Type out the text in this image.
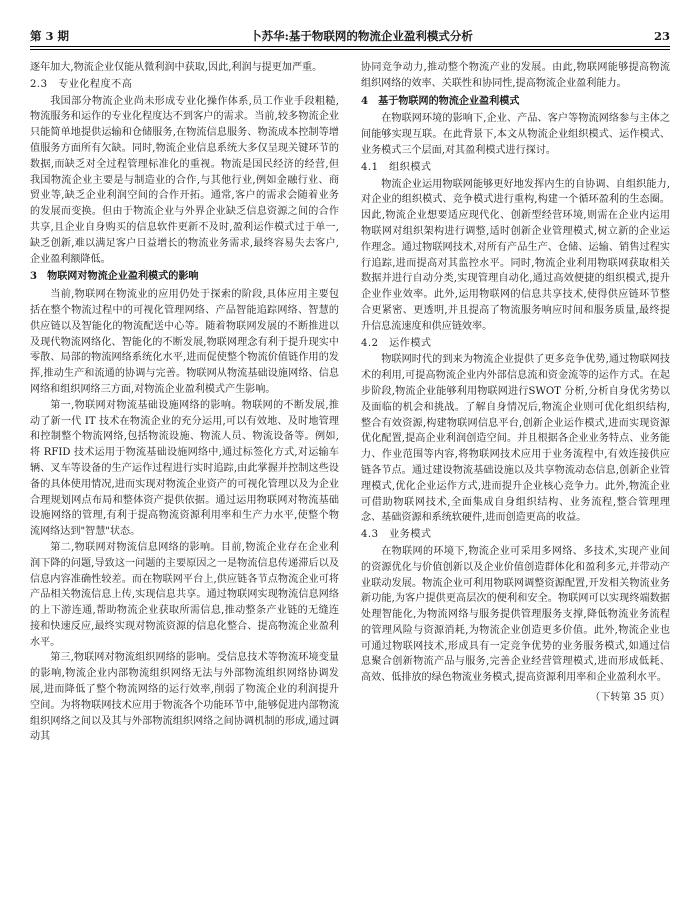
第 3 期	卜苏华:基于物联网的物流企业盈利模式分析	23

逐年加大,物流企业仅能从微利润中获取,因此,利润与提更加严重。

2.3　专业化程度不高

我国部分物流企业尚未形成专业化操作体系,员工作业手段粗糙,物流服务和运作的专业化程度达不到客户的需求。当前,较多物流企业只能简单地提供运输和仓储服务,在物流信息服务、物流成本控制等增值服务方面所有欠缺。同时,物流企业信息系统大多仅呈现关键环节的数据,而缺乏对全过程管理标准化的重视。物流是国民经济的经营,但我国物流企业主要是与制造业的合作,与其他行业,例如金融行业、商贸业等,缺乏企业利润空间的合作开拓。通常,客户的需求会随着业务的发展而变换。但由于物流企业与外界企业缺乏信息资源之间的合作共享,且企业自身购买的信息软件更新不及时,盈利运作模式过于单一,缺乏创新,难以满足客户日益增长的物流业务需求,最终容易失去客户,企业盈利额降低。

3　物联网对物流企业盈利模式的影响

当前,物联网在物流业的应用仍处于探索的阶段,具体应用主要包括在整个物流过程中的可视化管理网络、产品智能追踪网络、智慧的供应链以及智能化的物流配送中心等。随着物联网发展的不断推进以及现代物流网络化、智能化的不断发展,物联网理念有利于提升现实中零散、局部的物流网络系统化水平,进而促使整个物流价值链作用的发挥,推动生产和流通的协调与完善。物联网从物流基础设施网络、信息网络和组织网络三方面,对物流企业盈利模式产生影响。

第一,物联网对物流基础设施网络的影响。物联网的不断发展,推动了新一代 IT 技术在物流企业的充分运用,可以有效地、及时地管理和控制整个物流网络,包括物流设施、物流人员、物流设备等。例如,将 RFID 技术运用于物流基础设施网络中,通过标签化方式,对运输车辆、叉车等设备的生产运作过程进行实时追踪,由此掌握并控制这些设备的具体使用情况,进而实现对物流企业资产的可视化管理以及为企业合理规划网点布局和整体资产提供依据。通过运用物联网对物流基础设施网络的管理,有利于提高物流资源利用率和生产力水平,使整个物流网络达到"智慧"状态。

第二,物联网对物流信息网络的影响。目前,物流企业存在企业利润下降的问题,导致这一问题的主要原因之一是物流信息传递滞后以及信息内容准确性较差。而在物联网平台上,供应链各节点物流企业可将产品相关物流信息上传,实现信息共享。通过物联网实现物流信息网络的上下游连通,帮助物流企业获取所需信息,推动整条产业链的无缝连接和快速反应,最终实现对物流资源的信息化整合、提高物流企业盈利水平。

第三,物联网对物流组织网络的影响。受信息技术等物流环境变量的影响,物流企业内部物流组织网络无法与外部物流组织网络协调发展,进而降低了整个物流网络的运行效率,削弱了物流企业的利润提升空间。为将物联网技术应用于物流各个功能环节中,能够促进内部物流组织网络之间以及其与外部物流组织网络之间协调机制的形成,通过调动其

协同竞争动力,推动整个物流产业的发展。由此,物联网能够提高物流组织网络的效率、关联性和协同性,提高物流企业盈利能力。

4　基于物联网的物流企业盈利模式

在物联网环境的影响下,企业、产品、客户等物流网络参与主体之间能够实现互联。在此背景下,本文从物流企业组织模式、运作模式、业务模式三个层面,对其盈利模式进行探讨。

4.1　组织模式

物流企业运用物联网能够更好地发挥内生的自协调、自组织能力,对企业的组织模式、竞争模式进行重构,构建一个循环盈利的生态圈。因此,物流企业想要适应现代化、创新型经营环境,则需在企业内运用物联网对组织架构进行调整,适时创新企业管理模式,树立新的企业运作理念。通过物联网技术,对所有产品生产、仓储、运输、销售过程实行追踪,进而提高对其监控水平。同时,物流企业利用物联网获取相关数据并进行自动分类,实现管理自动化,通过高效便捷的组织模式,提升企业作业效率。此外,运用物联网的信息共享技术,使得供应链环节整合更紧密、更透明,并且提高了物流服务响应时间和服务质量,最终提升信息流速度和供应链效率。

4.2　运作模式

物联网时代的到来为物流企业提供了更多竞争优势,通过物联网技术的利用,可提高物流企业内外部信息流和资金流等的运作方式。在起步阶段,物流企业能够利用物联网进行SWOT 分析,分析自身优劣势以及面临的机会和挑战。了解自身情况后,物流企业则可优化组织结构,整合有效资源,构建物联网信息平台,创新企业运作模式,进而实现资源优化配置,提高企业利润创造空间。并且根据各企业业务特点、业务能力、作业范围等内容,将物联网技术应用于业务流程中,有效连接供应链各节点。通过建设物流基础设施以及共享物流动态信息,创新企业管理模式,优化企业运作方式,进而提升企业核心竞争力。此外,物流企业可借助物联网技术,全面集成自身组织结构、业务流程,整合管理理念、基础资源和系统软硬件,进而创造更高的收益。

4.3　业务模式

在物联网的环境下,物流企业可采用多网络、多技术,实现产业间的资源优化与价值创新以及企业价值创造群体化和盈利多元,并带动产业联动发展。物流企业可利用物联网调整资源配置,开发相关物流业务新功能,为客户提供更高层次的便利和安全。物联网可以实现终端数据处理智能化,为物流网络与服务提供管理服务支撑,降低物流业务流程的管理风险与资源消耗,为物流企业创造更多价值。此外,物流企业也可通过物联网技术,形成具有一定竞争优势的业务服务模式,如通过信息聚合创新物流产品与服务,完善企业经营管理模式,进而形成低耗、高效、低排放的绿色物流业务模式,提高资源利用率和企业盈利水平。

（下转第 35 页）
